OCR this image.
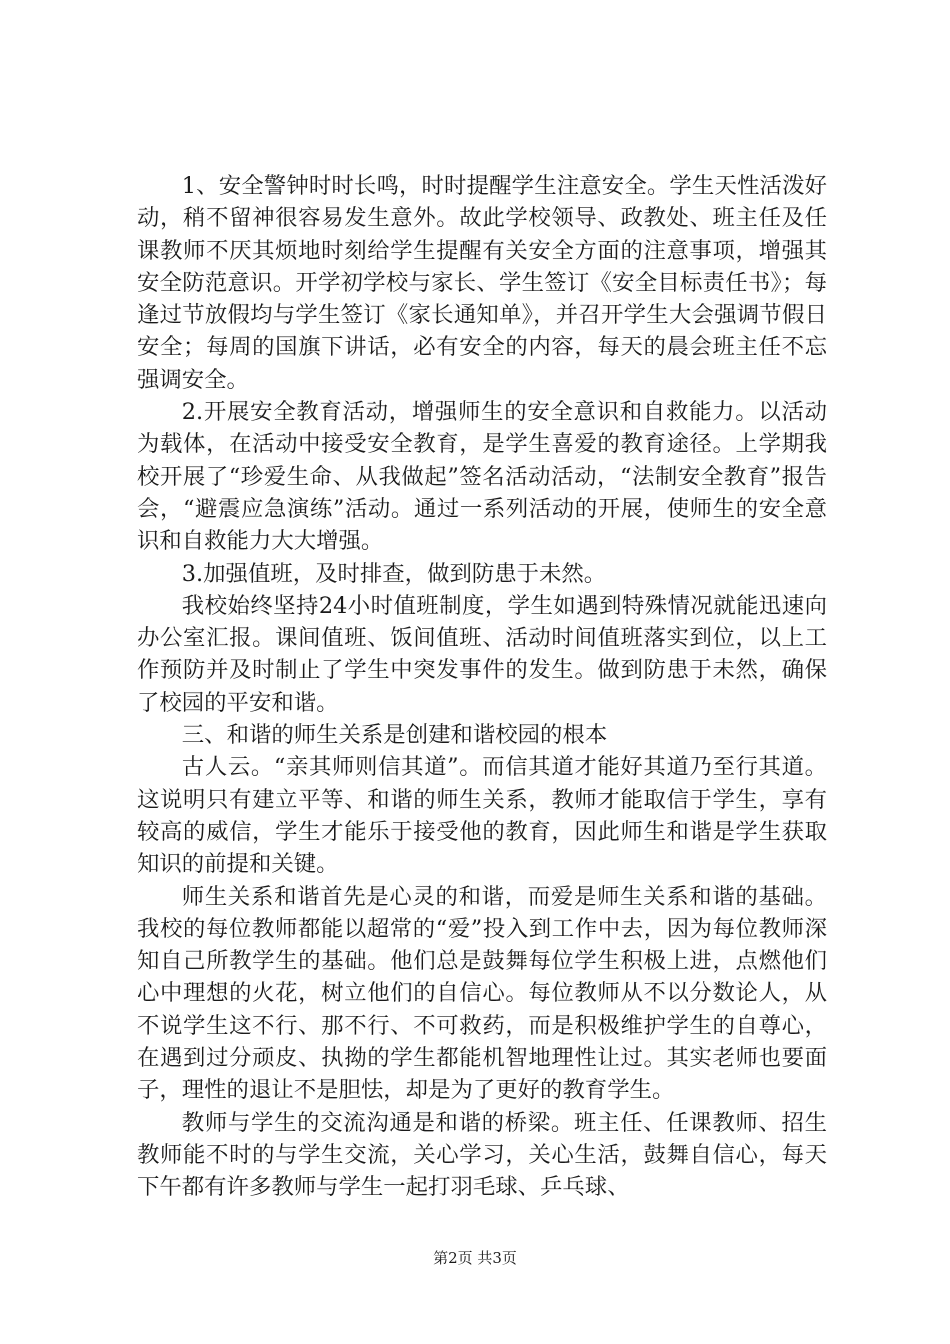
1、安全警钟时时长鸣，时时提醒学生注意安全。学生天性活泼好动，稍不留神很容易发生意外。故此学校领导、政教处、班主任及任课教师不厌其烦地时刻给学生提醒有关安全方面的注意事项，增强其安全防范意识。开学初学校与家长、学生签订《安全目标责任书》；每逢过节放假均与学生签订《家长通知单》，并召开学生大会强调节假日安全；每周的国旗下讲话，必有安全的内容，每天的晨会班主任不忘强调安全。

2.开展安全教育活动，增强师生的安全意识和自救能力。以活动为载体，在活动中接受安全教育，是学生喜爱的教育途径。上学期我校开展了“珍爱生命、从我做起”签名活动活动，“法制安全教育”报告会，“避震应急演练”活动。通过一系列活动的开展，使师生的安全意识和自救能力大大增强。

3.加强值班，及时排查，做到防患于未然。

我校始终坚持24小时值班制度，学生如遇到特殊情况就能迅速向办公室汇报。课间值班、饭间值班、活动时间值班落实到位，以上工作预防并及时制止了学生中突发事件的发生。做到防患于未然，确保了校园的平安和谐。

三、和谐的师生关系是创建和谐校园的根本

古人云。“亲其师则信其道”。而信其道才能好其道乃至行其道。这说明只有建立平等、和谐的师生关系，教师才能取信于学生，享有较高的威信，学生才能乐于接受他的教育，因此师生和谐是学生获取知识的前提和关键。

师生关系和谐首先是心灵的和谐，而爱是师生关系和谐的基础。我校的每位教师都能以超常的“爱”投入到工作中去，因为每位教师深知自己所教学生的基础。他们总是鼓舞每位学生积极上进，点燃他们心中理想的火花，树立他们的自信心。每位教师从不以分数论人，从不说学生这不行、那不行、不可救药，而是积极维护学生的自尊心，在遇到过分顽皮、执拗的学生都能机智地理性让过。其实老师也要面子，理性的退让不是胆怯，却是为了更好的教育学生。

教师与学生的交流沟通是和谐的桥梁。班主任、任课教师、招生教师能不时的与学生交流，关心学习，关心生活，鼓舞自信心，每天下午都有许多教师与学生一起打羽毛球、乒乓球、

第2页 共3页
